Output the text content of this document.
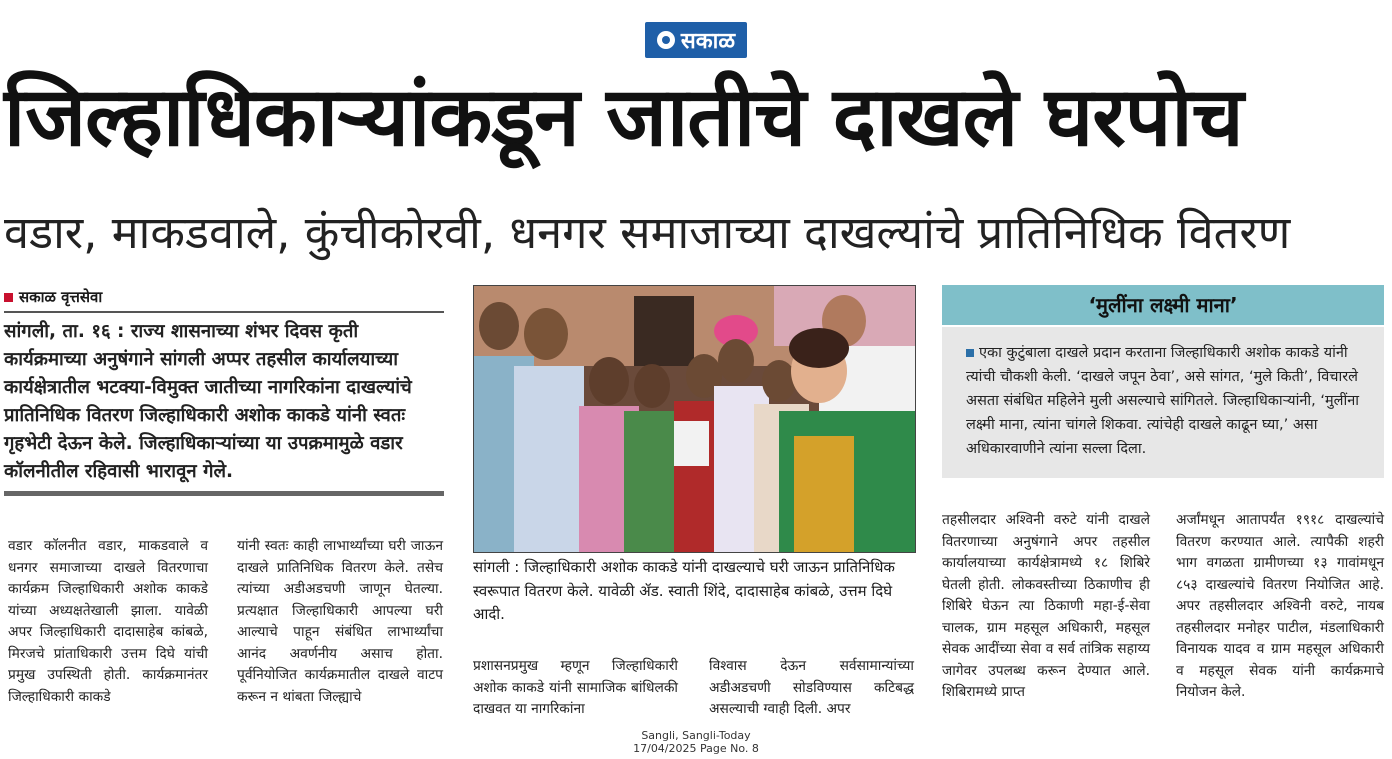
सकाळ
जिल्हाधिकाऱ्यांकडून जातीचे दाखले घरपोच
वडार, माकडवाले, कुंचीकोरवी, धनगर समाजाच्या दाखल्यांचे प्रातिनिधिक वितरण
सकाळ वृत्तसेवा
सांगली, ता. १६ : राज्य शासनाच्या शंभर दिवस कृती कार्यक्रमाच्या अनुषंगाने सांगली अप्पर तहसील कार्यालयाच्या कार्यक्षेत्रातील भटक्या-विमुक्त जातीच्या नागरिकांना दाखल्यांचे प्रातिनिधिक वितरण जिल्हाधिकारी अशोक काकडे यांनी स्वतः गृहभेटी देऊन केले. जिल्हाधिकाऱ्यांच्या या उपक्रमामुळे वडार कॉलनीतील रहिवासी भारावून गेले.
वडार कॉलनीत वडार, माकडवाले व धनगर समाजाच्या दाखले वितरणाचा कार्यक्रम जिल्हाधिकारी अशोक काकडे यांच्या अध्यक्षतेखाली झाला. यावेळी अपर जिल्हाधिकारी दादासाहेब कांबळे, मिरजचे प्रांताधिकारी उत्तम दिघे यांची प्रमुख उपस्थिती होती. कार्यक्रमानंतर जिल्हाधिकारी काकडे
यांनी स्वतः काही लाभार्थ्यांच्या घरी जाऊन दाखले प्रातिनिधिक वितरण केले. तसेच त्यांच्या अडीअडचणी जाणून घेतल्या. प्रत्यक्षात जिल्हाधिकारी आपल्या घरी आल्याचे पाहून संबंधित लाभार्थ्यांचा आनंद अवर्णनीय असाच होता. पूर्वनियोजित कार्यक्रमातील दाखले वाटप करून न थांबता जिल्ह्याचे
सांगली : जिल्हाधिकारी अशोक काकडे यांनी दाखल्याचे घरी जाऊन प्रातिनिधिक स्वरूपात वितरण केले. यावेळी ॲड. स्वाती शिंदे, दादासाहेब कांबळे, उत्तम दिघे आदी.
प्रशासनप्रमुख म्हणून जिल्हाधिकारी अशोक काकडे यांनी सामाजिक बांधिलकी दाखवत या नागरिकांना
विश्वास देऊन सर्वसामान्यांच्या अडीअडचणी सोडविण्यास कटिबद्ध असल्याची ग्वाही दिली. अपर
‘मुलींना लक्ष्मी माना’
एका कुटुंबाला दाखले प्रदान करताना जिल्हाधिकारी अशोक काकडे यांनी त्यांची चौकशी केली. ‘दाखले जपून ठेवा’, असे सांगत, ‘मुले किती’, विचारले असता संबंधित महिलेने मुली असल्याचे सांगितले. जिल्हाधिकाऱ्यांनी, ‘मुलींना लक्ष्मी माना, त्यांना चांगले शिकवा. त्यांचेही दाखले काढून घ्या,’ असा अधिकारवाणीने त्यांना सल्ला दिला.
तहसीलदार अश्विनी वरुटे यांनी दाखले वितरणाच्या अनुषंगाने अपर तहसील कार्यालयाच्या कार्यक्षेत्रामध्ये १८ शिबिरे घेतली होती. लोकवस्तीच्या ठिकाणीच ही शिबिरे घेऊन त्या ठिकाणी महा-ई-सेवा चालक, ग्राम महसूल अधिकारी, महसूल सेवक आदींच्या सेवा व सर्व तांत्रिक सहाय्य जागेवर उपलब्ध करून देण्यात आले. शिबिरामध्ये प्राप्त
अर्जांमधून आतापर्यंत १९१८ दाखल्यांचे वितरण करण्यात आले. त्यापैकी शहरी भाग वगळता ग्रामीणच्या १३ गावांमधून ८५३ दाखल्यांचे वितरण नियोजित आहे. अपर तहसीलदार अश्विनी वरुटे, नायब तहसीलदार मनोहर पाटील, मंडलाधिकारी विनायक यादव व ग्राम महसूल अधिकारी व महसूल सेवक यांनी कार्यक्रमाचे नियोजन केले.
Sangli, Sangli-Today
17/04/2025 Page No. 8
